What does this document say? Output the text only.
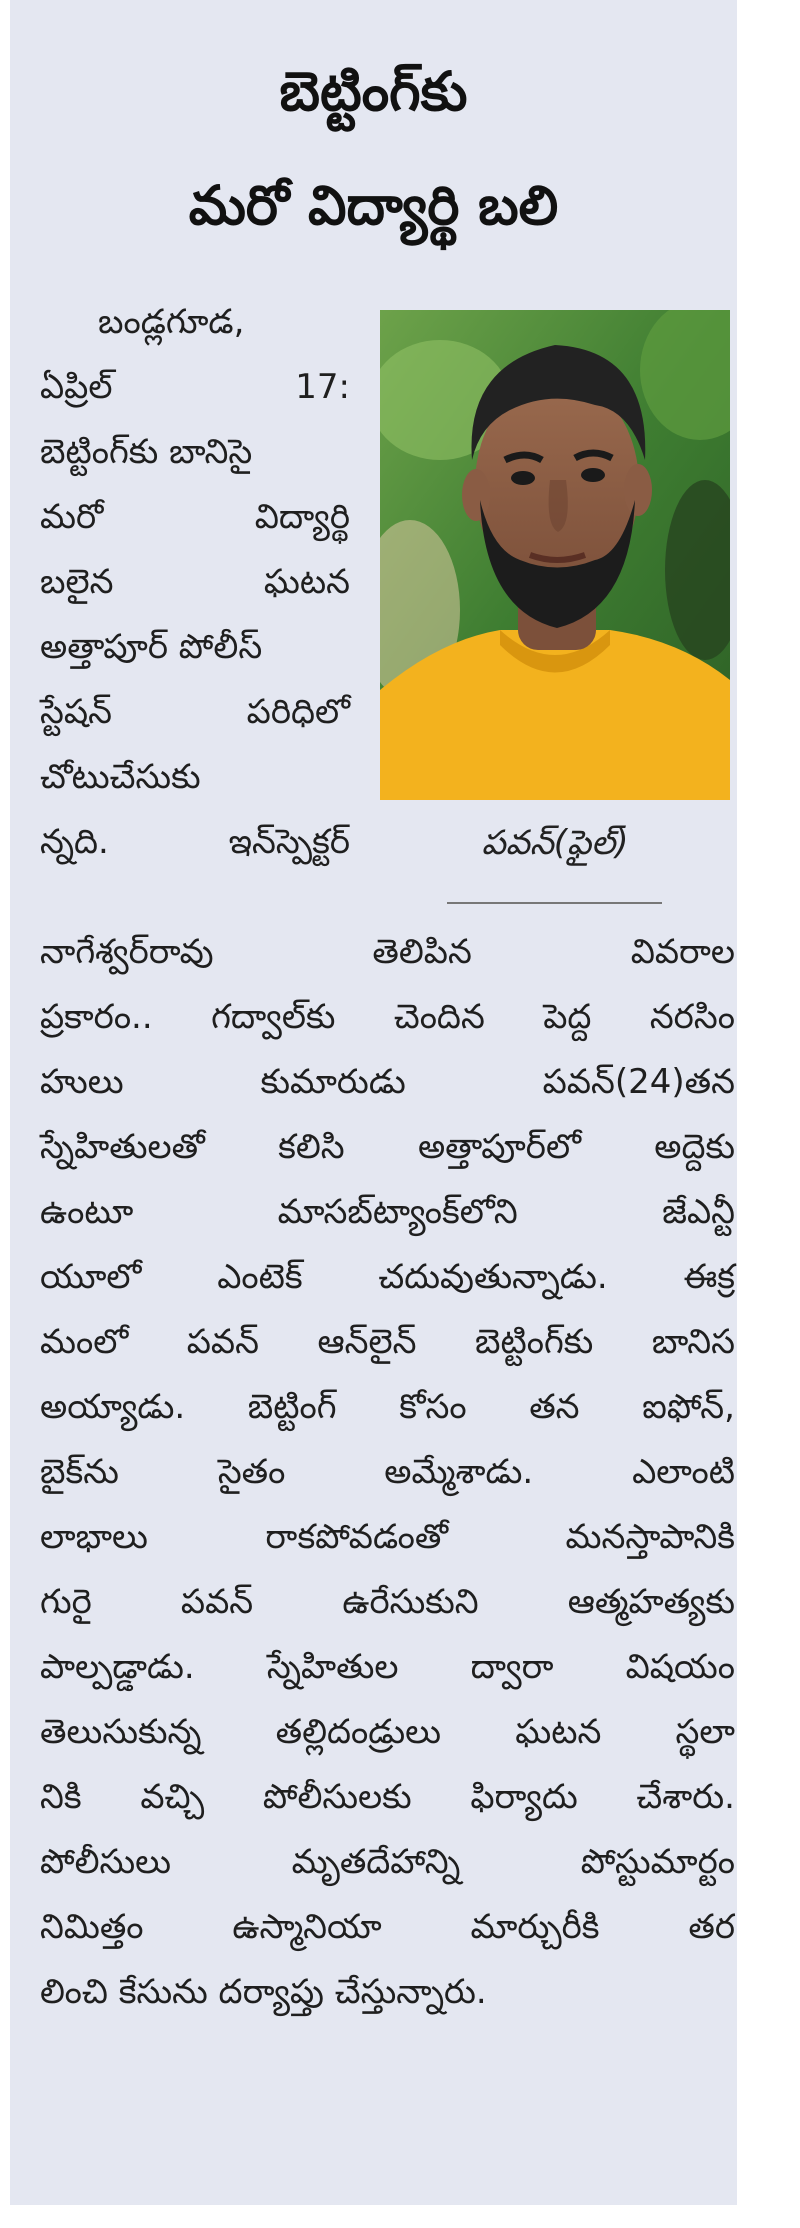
బెట్టింగ్‌కు
మరో విద్యార్థి బలి
బండ్లగూడ,
ఏప్రిల్	17:
బెట్టింగ్‌కు బానిసై
మరో	విద్యార్థి
బలైన	ఘటన
అత్తాపూర్ పోలీస్
స్టేషన్	పరిధిలో
చోటుచేసుకు
న్నది.	ఇన్‌స్పెక్టర్
నాగేశ్వర్‌రావు	తెలిపిన	వివరాల
ప్రకారం.. గద్వాల్‌కు చెందిన పెద్ద నరసిం
హులు	కుమారుడు	పవన్(24)తన
స్నేహితులతో కలిసి అత్తాపూర్‌లో అద్దెకు
ఉంటూ	మాసబ్‌ట్యాంక్‌లోని	జేఎన్టీ
యూలో ఎంటెక్ చదువుతున్నాడు. ఈక్ర
మంలో పవన్ ఆన్‌లైన్ బెట్టింగ్‌కు బానిస
అయ్యాడు. బెట్టింగ్ కోసం తన ఐఫోన్,
బైక్‌ను	సైతం	అమ్మేశాడు.	ఎలాంటి
లాభాలు	రాకపోవడంతో	మనస్తాపానికి
గురై	పవన్	ఉరేసుకుని	ఆత్మహత్యకు
పాల్పడ్డాడు. స్నేహితుల ద్వారా విషయం
తెలుసుకున్న తల్లిదండ్రులు ఘటన స్థలా
నికి వచ్చి పోలీసులకు ఫిర్యాదు చేశారు.
పోలీసులు	మృతదేహాన్ని	పోస్టుమార్టం
నిమిత్తం	ఉస్మానియా	మార్చురీకి	తర
లించి కేసును దర్యాప్తు చేస్తున్నారు.
పవన్(ఫైల్)
